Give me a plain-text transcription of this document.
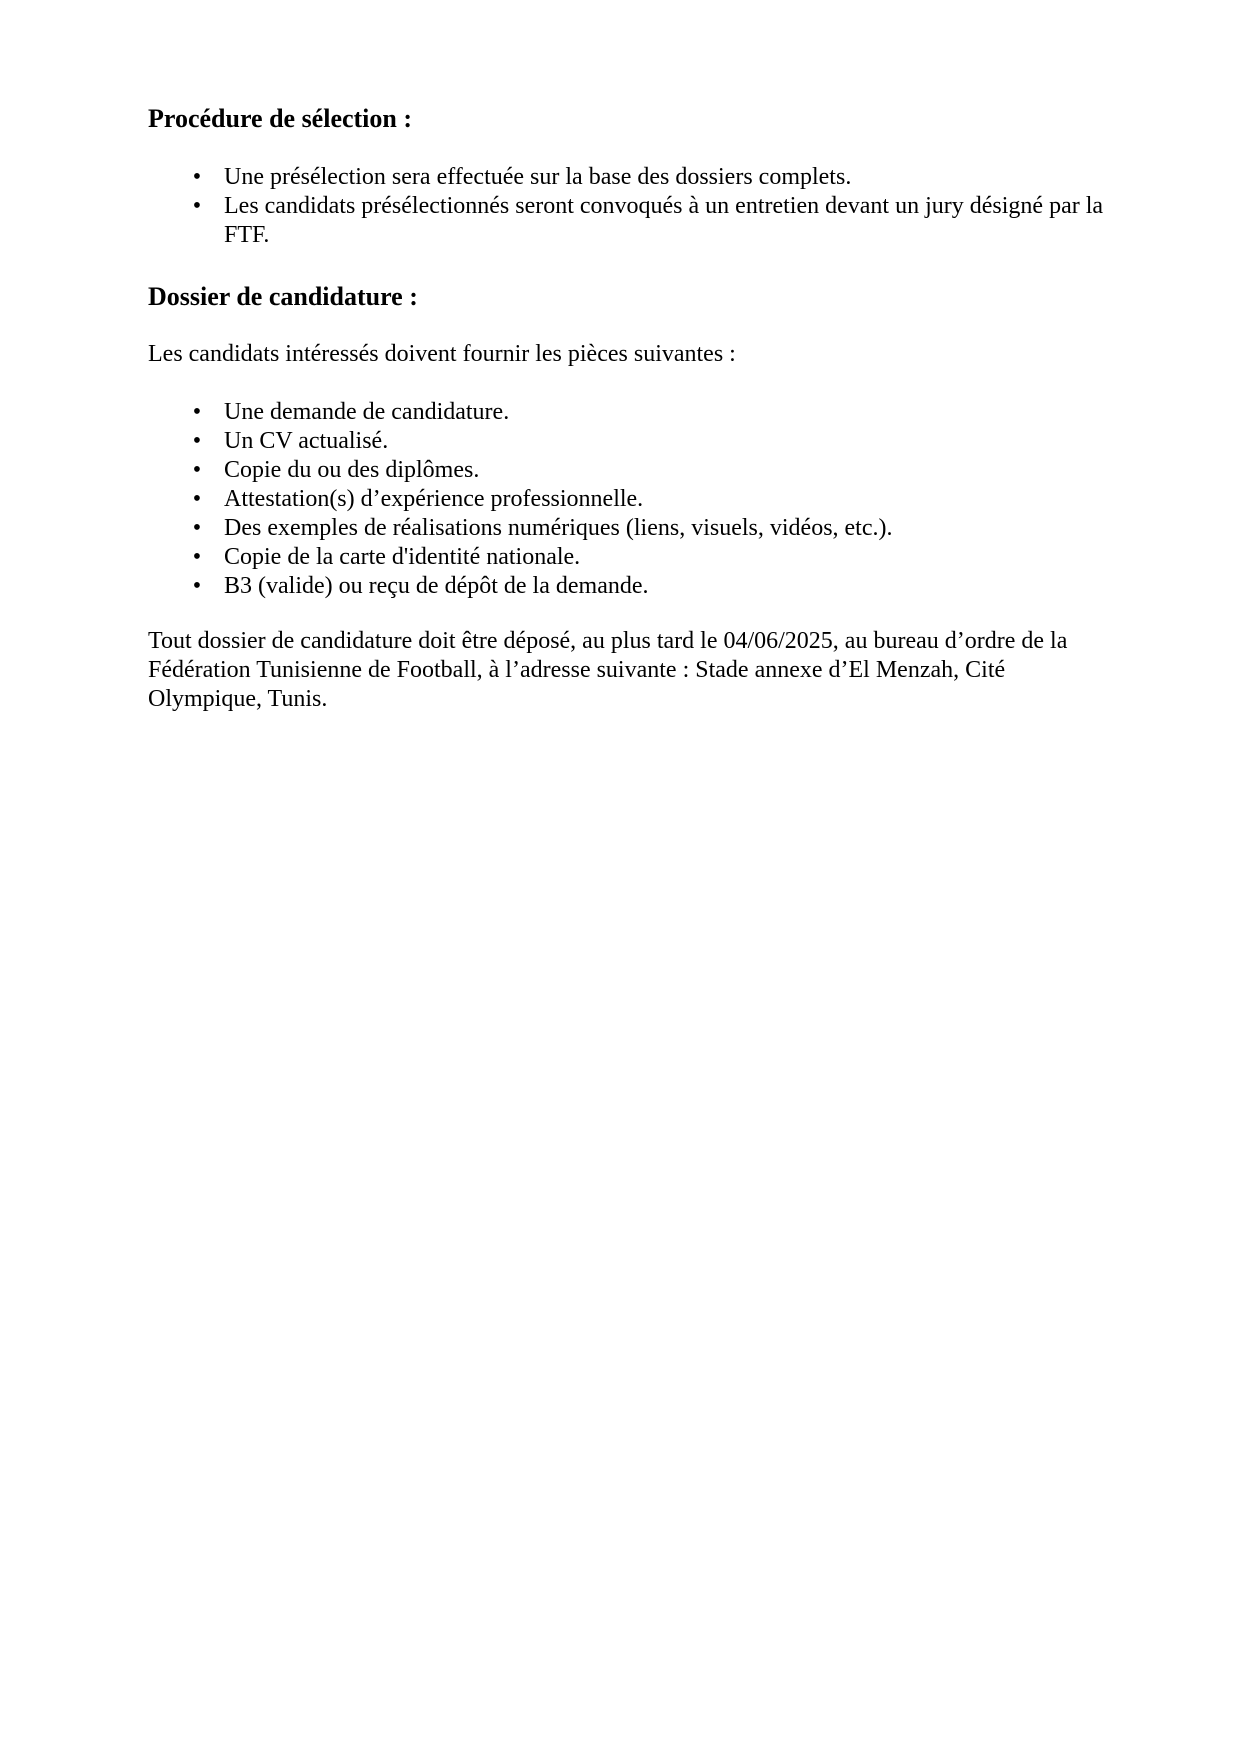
Procédure de sélection :
• Une présélection sera effectuée sur la base des dossiers complets.
• Les candidats présélectionnés seront convoqués à un entretien devant un jury désigné par la FTF.
Dossier de candidature :

Les candidats intéressés doivent fournir les pièces suivantes :

• Une demande de candidature.
• Un CV actualisé.
• Copie du ou des diplômes.
• Attestation(s) d’expérience professionnelle.
• Des exemples de réalisations numériques (liens, visuels, vidéos, etc.).
• Copie de la carte d'identité nationale.
• B3 (valide) ou reçu de dépôt de la demande.

Tout dossier de candidature doit être déposé, au plus tard le 04/06/2025, au bureau d’ordre de la Fédération Tunisienne de Football, à l’adresse suivante : Stade annexe d’El Menzah, Cité Olympique, Tunis.
